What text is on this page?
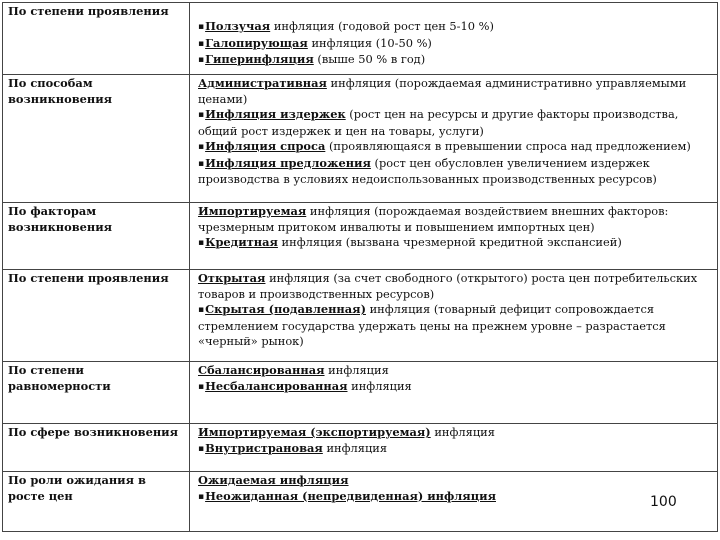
По степени проявления	▪Ползучая инфляция (годовой рост цен 5-10 %)
▪Галопирующая инфляция (10-50 %)
▪Гиперинфляция (выше 50 % в год)

По способам возникновения	Административная инфляция (порождаемая административно управляемыми ценами)
▪Инфляция издержек (рост цен на ресурсы и другие факторы производства, общий рост издержек и цен на товары, услуги)
▪Инфляция спроса (проявляющаяся в превышении спроса над предложением)
▪Инфляция предложения (рост цен обусловлен увеличением издержек производства в условиях недоиспользованных производственных ресурсов)

По факторам возникновения	Импортируемая инфляция (порождаемая воздействием внешних факторов: чрезмерным притоком инвалюты и повышением импортных цен)
▪Кредитная инфляция (вызвана чрезмерной кредитной экспансией)

По степени проявления	Открытая инфляция (за счет свободного (открытого) роста цен потребительских товаров и производственных ресурсов)
▪Скрытая (подавленная) инфляция (товарный дефицит сопровождается стремлением государства удержать цены на прежнем уровне – разрастается «черный» рынок)

По степени равномерности	Сбалансированная инфляция
▪Несбалансированная инфляция

По сфере возникновения	Импортируемая (экспортируемая) инфляция
▪Внутристрановая инфляция

По роли ожидания в росте цен	Ожидаемая инфляция
▪Неожиданная (непредвиденная) инфляция	100
